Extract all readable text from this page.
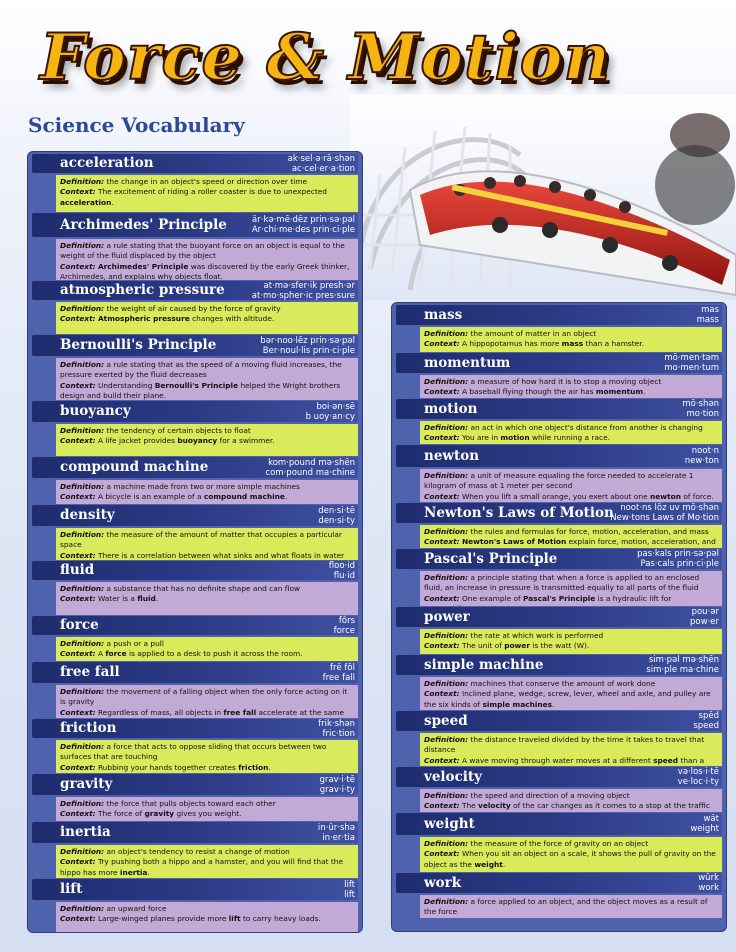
Force & Motion
Science Vocabulary
acceleration	ak·sel·ə·rā·shən
ac·cel·er·a·tion
Definition: the change in an object's speed or direction over time
Context: The excitement of riding a roller coaster is due to unexpected acceleration.
Archimedes' Principle	är·kə·mē·dēz prin·sə·pəl
Ar·chi·me·des prin·ci·ple
Definition: a rule stating that the buoyant force on an object is equal to the weight of the fluid displaced by the object
Context: Archimedes' Principle was discovered by the early Greek thinker, Archimedes, and explains why objects float.
atmospheric pressure	at·mə·sfer·ik presh·ər
at·mo·spher·ic pres·sure
Definition: the weight of air caused by the force of gravity
Context: Atmospheric pressure changes with altitude.
Bernoulli's Principle	bər·noo·lēz prin·sə·pəl
Ber·noul·lis prin·ci·ple
Definition: a rule stating that as the speed of a moving fluid increases, the pressure exerted by the fluid decreases
Context: Understanding Bernoulli's Principle helped the Wright brothers design and build their plane.
buoyancy	boi·ən·sē
b uoy·an·cy
Definition: the tendency of certain objects to float
Context: A life jacket provides buoyancy for a swimmer.
compound machine	kom·pound mə·shēn
com·pound ma·chine
Definition: a machine made from two or more simple machines
Context: A bicycle is an example of a compound machine.
density	den·si·tē
den·si·ty
Definition: the measure of the amount of matter that occupies a particular space
Context: There is a correlation between what sinks and what floats in water
fluid	floo·id
flu·id
Definition: a substance that has no definite shape and can flow
Context: Water is a fluid.
force	fôrs
force
Definition: a push or a pull
Context: A force is applied to a desk to push it across the room.
free fall	frē fôl
free fall
Definition: the movement of a falling object when the only force acting on it is gravity
Context: Regardless of mass, all objects in free fall accelerate at the same
friction	frik·shən
fric·tion
Definition: a force that acts to oppose sliding that occurs between two surfaces that are touching
Context: Rubbing your hands together creates friction.
gravity	grav·i·tē
grav·i·ty
Definition: the force that pulls objects toward each other
Context: The force of gravity gives you weight.
inertia	in·ûr·shə
in·er·tia
Definition: an object's tendency to resist a change of motion
Context: Try pushing both a hippo and a hamster, and you will find that the hippo has more inertia.
lift	lift
lift
Definition: an upward force
Context: Large-winged planes provide more lift to carry heavy loads.
mass	mas
mass
Definition: the amount of matter in an object
Context: A hippopotamus has more mass than a hamster.
momentum	mō·men·təm
mo·men·tum
Definition: a measure of how hard it is to stop a moving object
Context: A baseball flying though the air has momentum.
motion	mō·shən
mo·tion
Definition: an act in which one object's distance from another is changing
Context: You are in motion while running a race.
newton	noot·n
new·ton
Definition: a unit of measure equaling the force needed to accelerate 1 kilogram of mass at 1 meter per second
Context: When you lift a small orange, you exert about one newton of force.
Newton's Laws of Motion noot·ns lôz uv mō·shən
New·tons Laws of Mo·tion
Definition: the rules and formulas for force, motion, acceleration, and mass
Context: Newton's Laws of Motion explain force, motion, acceleration, and
Pascal's Principle	pas·kals prin·sə·pəl
Pas·cals prin·ci·ple
Definition: a principle stating that when a force is applied to an enclosed fluid, an increase in pressure is transmitted equally to all parts of the fluid
Context: One example of Pascal's Principle is a hydraulic lift for
power	pou·ər
pow·er
Definition: the rate at which work is performed
Context: The unit of power is the watt (W).
simple machine	sim·pəl mə·shēn
sim·ple ma·chine
Definition: machines that conserve the amount of work done
Context: Inclined plane, wedge, screw, lever, wheel and axle, and pulley are the six kinds of simple machines.
speed	spēd
speed
Definition: the distance traveled divided by the time it takes to travel that distance
Context: A wave moving through water moves at a different speed than a
velocity	və·los·i·tē
ve·loc·i·ty
Definition: the speed and direction of a moving object
Context: The velocity of the car changes as it comes to a stop at the traffic
weight	wāt
weight
Definition: the measure of the force of gravity on an object
Context: When you sit an object on a scale, it shows the pull of gravity on the object as the weight.
work	wûrk
work
Definition: a force applied to an object, and the object moves as a result of the force
